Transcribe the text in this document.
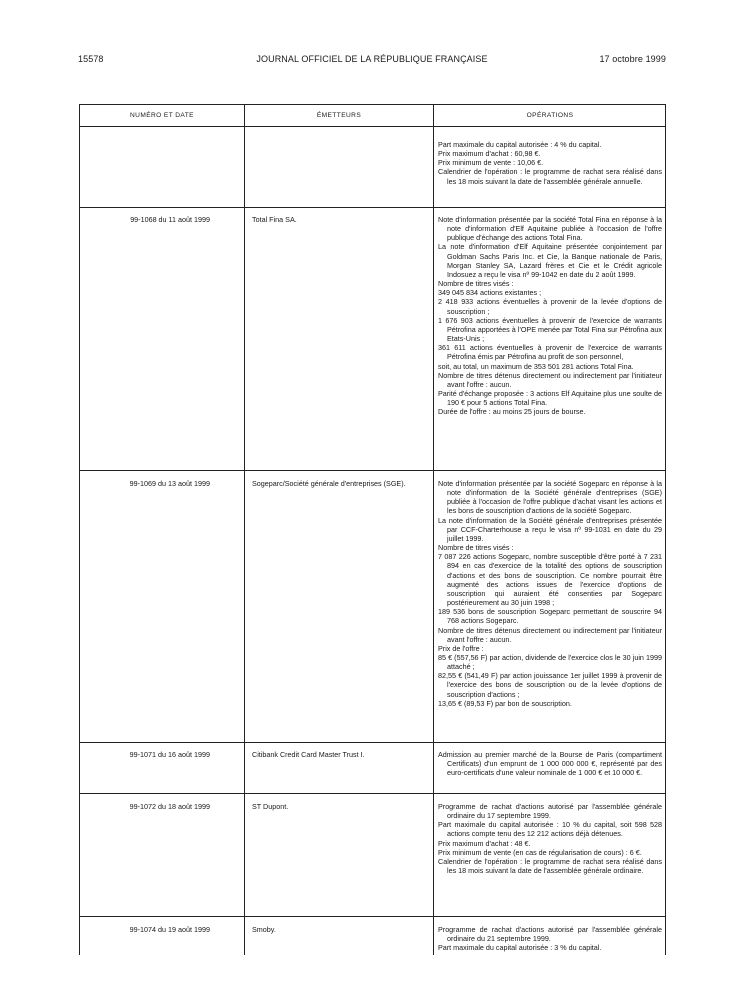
15578	JOURNAL OFFICIEL DE LA RÉPUBLIQUE FRANÇAISE	17 octobre 1999
NUMÉRO ET DATE	ÉMETTEURS	OPÉRATIONS

Part maximale du capital autorisée : 4 % du capital.

Prix maximum d'achat : 60,98 €.

Prix minimum de vente : 10,06 €.

Calendrier de l'opération : le programme de rachat sera réalisé dans les 18 mois suivant la date de l'assemblée générale annuelle.

99-1068 du 11 août 1999	Total Fina SA.	Note d'information présentée par la société Total Fina en réponse à la note d'information d'Elf Aquitaine publiée à l'occasion de l'offre publique d'échange des actions Total Fina.

La note d'information d'Elf Aquitaine présentée conjointement par Goldman Sachs Paris Inc. et Cie, la Banque nationale de Paris, Morgan Stanley SA, Lazard frères et Cie et le Crédit agricole Indosuez a reçu le visa nº 99-1042 en date du 2 août 1999.

Nombre de titres visés :

349 045 834 actions existantes ;

2 418 933 actions éventuelles à provenir de la levée d'options de souscription ;

1 676 903 actions éventuelles à provenir de l'exercice de warrants Pétrofina apportées à l'OPE menée par Total Fina sur Pétrofina aux Etats-Unis ;

361 611 actions éventuelles à provenir de l'exercice de warrants Pétrofina émis par Pétrofina au profit de son personnel,

soit, au total, un maximum de 353 501 281 actions Total Fina.

Nombre de titres détenus directement ou indirectement par l'initiateur avant l'offre : aucun.

Parité d'échange proposée : 3 actions Elf Aquitaine plus une soulte de 190 € pour 5 actions Total Fina.

Durée de l'offre : au moins 25 jours de bourse.

99-1069 du 13 août 1999	Sogeparc/Société générale d'entreprises (SGE).	Note d'information présentée par la société Sogeparc en réponse à la note d'information de la Société générale d'entreprises (SGE) publiée à l'occasion de l'offre publique d'achat visant les actions et les bons de souscription d'actions de la société Sogeparc.

La note d'information de la Société générale d'entreprises présentée par CCF-Charterhouse a reçu le visa nº 99-1031 en date du 29 juillet 1999.

Nombre de titres visés :

7 087 226 actions Sogeparc, nombre susceptible d'être porté à 7 231 894 en cas d'exercice de la totalité des options de souscription d'actions et des bons de souscription. Ce nombre pourrait être augmenté des actions issues de l'exercice d'options de souscription qui auraient été consenties par Sogeparc postérieurement au 30 juin 1998 ;

189 536 bons de souscription Sogeparc permettant de souscrire 94 768 actions Sogeparc.

Nombre de titres détenus directement ou indirectement par l'initiateur avant l'offre : aucun.

Prix de l'offre :

85 € (557,56 F) par action, dividende de l'exercice clos le 30 juin 1999 attaché ;

82,55 € (541,49 F) par action jouissance 1er juillet 1999 à provenir de l'exercice des bons de souscription ou de la levée d'options de souscription d'actions ;

13,65 € (89,53 F) par bon de souscription.

99-1071 du 16 août 1999	Citibank Credit Card Master Trust I.	Admission au premier marché de la Bourse de Paris (compartiment Certificats) d'un emprunt de 1 000 000 000 €, représenté par des euro-certificats d'une valeur nominale de 1 000 € et 10 000 €.

99-1072 du 18 août 1999	ST Dupont.	Programme de rachat d'actions autorisé par l'assemblée générale ordinaire du 17 septembre 1999.

Part maximale du capital autorisée : 10 % du capital, soit 598 528 actions compte tenu des 12 212 actions déjà détenues.

Prix maximum d'achat : 48 €.

Prix minimum de vente (en cas de régularisation de cours) : 6 €.

Calendrier de l'opération : le programme de rachat sera réalisé dans les 18 mois suivant la date de l'assemblée générale ordinaire.

99-1074 du 19 août 1999	Smoby.	Programme de rachat d'actions autorisé par l'assemblée générale ordinaire du 21 septembre 1999.

Part maximale du capital autorisée : 3 % du capital.
